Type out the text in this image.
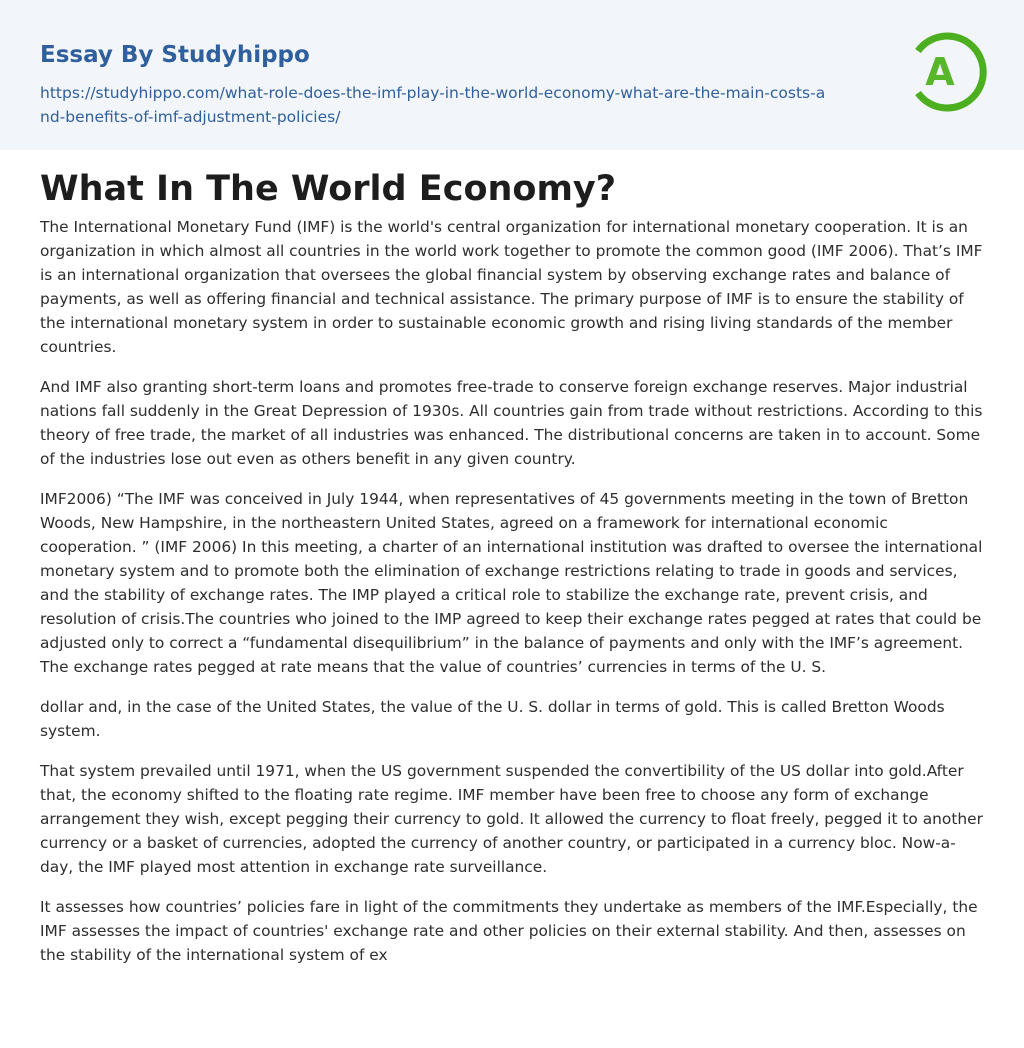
Essay By Studyhippo
https://studyhippo.com/what-role-does-the-imf-play-in-the-world-economy-what-are-the-main-costs-and-benefits-of-imf-adjustment-policies/
A
What In The World Economy?

The International Monetary Fund (IMF) is the world's central organization for international monetary cooperation. It is an organization in which almost all countries in the world work together to promote the common good (IMF 2006). That’s IMF is an international organization that oversees the global financial system by observing exchange rates and balance of payments, as well as offering financial and technical assistance. The primary purpose of IMF is to ensure the stability of the international monetary system in order to sustainable economic growth and rising living standards of the member countries.

And IMF also granting short-term loans and promotes free-trade to conserve foreign exchange reserves. Major industrial nations fall suddenly in the Great Depression of 1930s. All countries gain from trade without restrictions. According to this theory of free trade, the market of all industries was enhanced. The distributional concerns are taken in to account. Some of the industries lose out even as others benefit in any given country.

IMF2006) “The IMF was conceived in July 1944, when representatives of 45 governments meeting in the town of Bretton Woods, New Hampshire, in the northeastern United States, agreed on a framework for international economic cooperation. ” (IMF 2006) In this meeting, a charter of an international institution was drafted to oversee the international monetary system and to promote both the elimination of exchange restrictions relating to trade in goods and services, and the stability of exchange rates. The IMP played a critical role to stabilize the exchange rate, prevent crisis, and resolution of crisis.The countries who joined to the IMP agreed to keep their exchange rates pegged at rates that could be adjusted only to correct a “fundamental disequilibrium” in the balance of payments and only with the IMF’s agreement. The exchange rates pegged at rate means that the value of countries’ currencies in terms of the U. S.

dollar and, in the case of the United States, the value of the U. S. dollar in terms of gold. This is called Bretton Woods system.

That system prevailed until 1971, when the US government suspended the convertibility of the US dollar into gold.After that, the economy shifted to the floating rate regime. IMF member have been free to choose any form of exchange arrangement they wish, except pegging their currency to gold. It allowed the currency to float freely, pegged it to another currency or a basket of currencies, adopted the currency of another country, or participated in a currency bloc. Now-a-day, the IMF played most attention in exchange rate surveillance.

It assesses how countries’ policies fare in light of the commitments they undertake as members of the IMF.Especially, the IMF assesses the impact of countries' exchange rate and other policies on their external stability. And then, assesses on the stability of the international system of ex
